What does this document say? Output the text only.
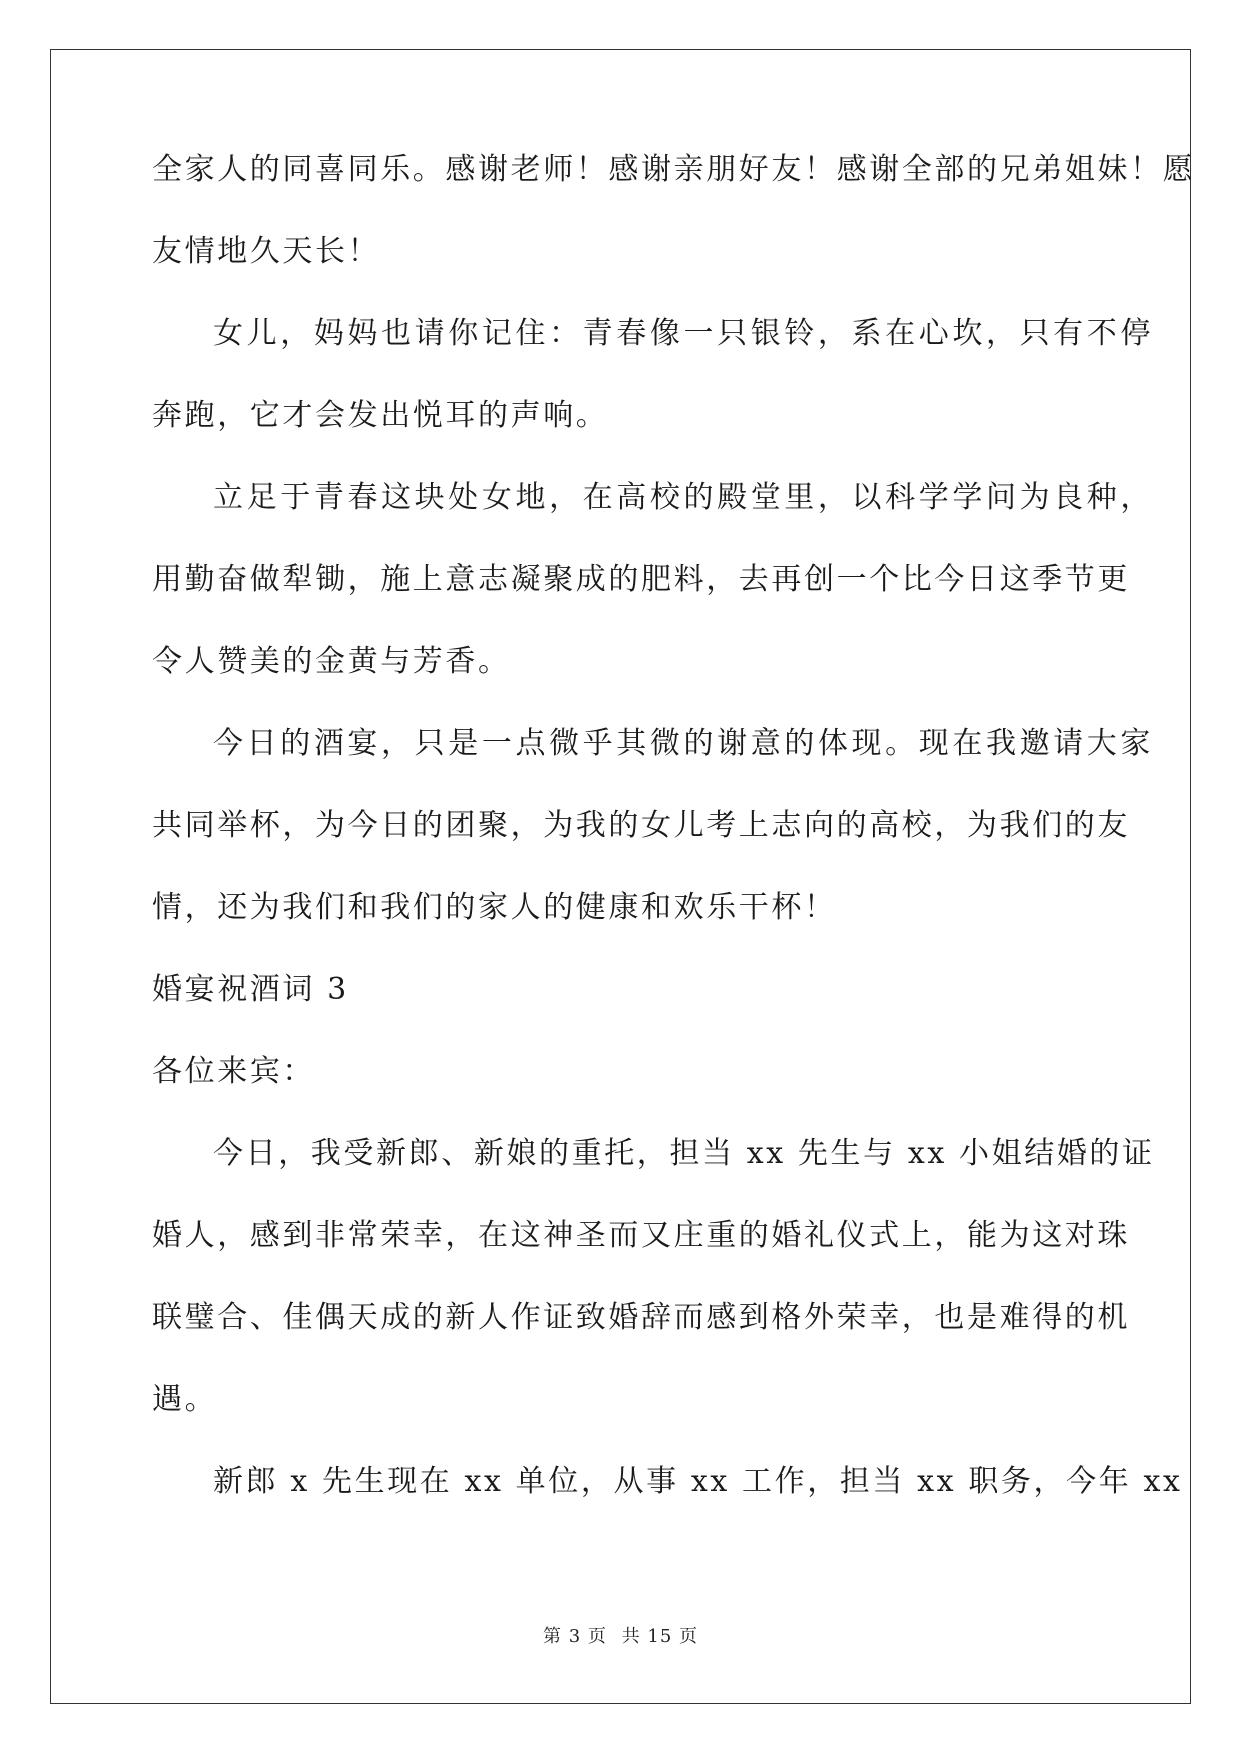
全家人的同喜同乐。感谢老师！感谢亲朋好友！感谢全部的兄弟姐妹！愿
友情地久天长！
女儿，妈妈也请你记住：青春像一只银铃，系在心坎，只有不停
奔跑，它才会发出悦耳的声响。
立足于青春这块处女地，在高校的殿堂里，以科学学问为良种，
用勤奋做犁锄，施上意志凝聚成的肥料，去再创一个比今日这季节更
令人赞美的金黄与芳香。
今日的酒宴，只是一点微乎其微的谢意的体现。现在我邀请大家
共同举杯，为今日的团聚，为我的女儿考上志向的高校，为我们的友
情，还为我们和我们的家人的健康和欢乐干杯！
婚宴祝酒词 3
各位来宾：
今日，我受新郎、新娘的重托，担当 xx 先生与 xx 小姐结婚的证
婚人，感到非常荣幸，在这神圣而又庄重的婚礼仪式上，能为这对珠
联璧合、佳偶天成的新人作证致婚辞而感到格外荣幸，也是难得的机
遇。
新郎 x 先生现在 xx 单位，从事 xx 工作，担当 xx 职务，今年 xx
第 3 页 共 15 页
